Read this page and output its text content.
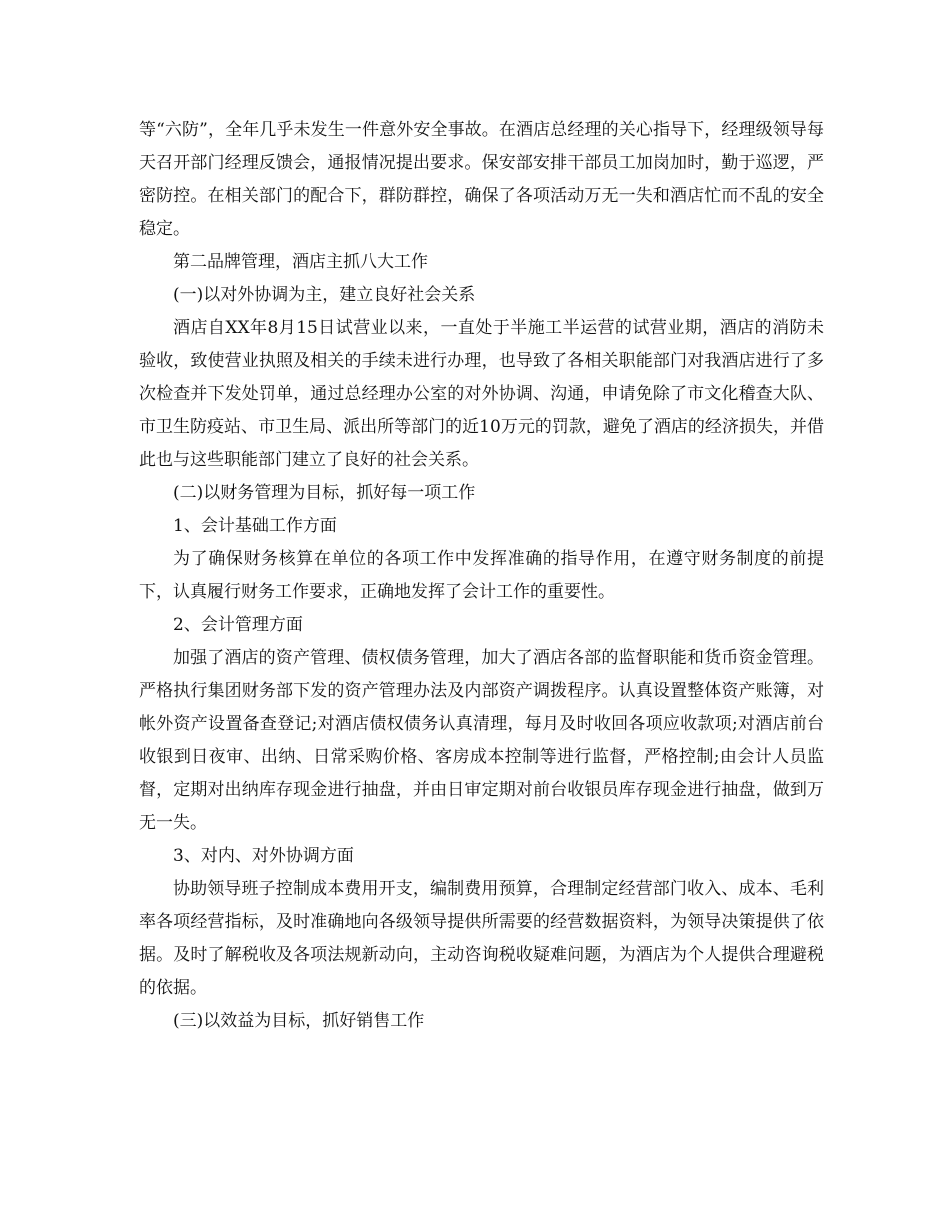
等“六防”，全年几乎未发生一件意外安全事故。在酒店总经理的关心指导下，经理级领导每天召开部门经理反馈会，通报情况提出要求。保安部安排干部员工加岗加时，勤于巡逻，严密防控。在相关部门的配合下，群防群控，确保了各项活动万无一失和酒店忙而不乱的安全稳定。

第二品牌管理，酒店主抓八大工作

(一)以对外协调为主，建立良好社会关系

酒店自XX年8月15日试营业以来，一直处于半施工半运营的试营业期，酒店的消防未验收，致使营业执照及相关的手续未进行办理，也导致了各相关职能部门对我酒店进行了多次检查并下发处罚单，通过总经理办公室的对外协调、沟通，申请免除了市文化稽查大队、市卫生防疫站、市卫生局、派出所等部门的近10万元的罚款，避免了酒店的经济损失，并借此也与这些职能部门建立了良好的社会关系。

(二)以财务管理为目标，抓好每一项工作

1、会计基础工作方面

为了确保财务核算在单位的各项工作中发挥准确的指导作用，在遵守财务制度的前提下，认真履行财务工作要求，正确地发挥了会计工作的重要性。

2、会计管理方面

加强了酒店的资产管理、债权债务管理，加大了酒店各部的监督职能和货币资金管理。严格执行集团财务部下发的资产管理办法及内部资产调拨程序。认真设置整体资产账簿，对帐外资产设置备查登记;对酒店债权债务认真清理，每月及时收回各项应收款项;对酒店前台收银到日夜审、出纳、日常采购价格、客房成本控制等进行监督，严格控制;由会计人员监督，定期对出纳库存现金进行抽盘，并由日审定期对前台收银员库存现金进行抽盘，做到万无一失。

3、对内、对外协调方面

协助领导班子控制成本费用开支，编制费用预算，合理制定经营部门收入、成本、毛利率各项经营指标，及时准确地向各级领导提供所需要的经营数据资料，为领导决策提供了依据。及时了解税收及各项法规新动向，主动咨询税收疑难问题，为酒店为个人提供合理避税的依据。

(三)以效益为目标，抓好销售工作
